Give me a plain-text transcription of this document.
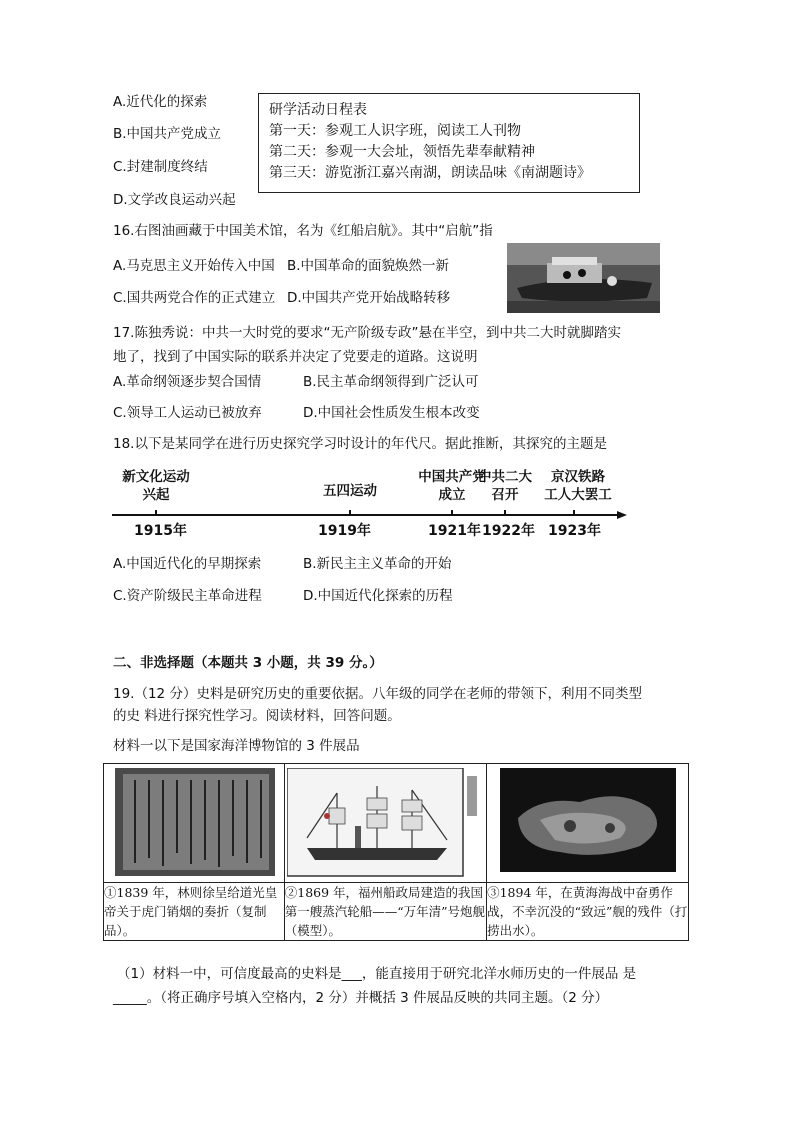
A.近代化的探索
B.中国共产党成立
C.封建制度终结
D.文学改良运动兴起
研学活动日程表
第一天：参观工人识字班，阅读工人刊物
第二天：参观一大会址，领悟先辈奉献精神
第三天：游览浙江嘉兴南湖，朗读品味《南湖题诗》
16.右图油画藏于中国美术馆，名为《红船启航》。其中“启航”指
A.马克思主义开始传入中国 B.中国革命的面貌焕然一新
C.国共两党合作的正式建立 D.中国共产党开始战略转移
17.陈独秀说：中共一大时党的要求“无产阶级专政”悬在半空，到中共二大时就脚踏实
地了，找到了中国实际的联系并决定了党要走的道路。这说明
A.革命纲领逐步契合国情	B.民主革命纲领得到广泛认可
C.领导工人运动已被放弃	D.中国社会性质发生根本改变
18.以下是某同学在进行历史探究学习时设计的年代尺。据此推断，其探究的主题是
新文化运动
兴起	五四运动
中国共产党
成立
中共二大
召开
京汉铁路
工人大罢工
1915年	1919年	1921年 1922年 1923年
A.中国近代化的早期探索	B.新民主主义革命的开始
C.资产阶级民主革命进程	D.中国近代化探索的历程
二、非选择题（本题共 3 小题，共 39 分。）
19.（12 分）史料是研究历史的重要依据。八年级的同学在老师的带领下，利用不同类型
的史 料进行探究性学习。阅读材料，回答问题。
材料一以下是国家海洋博物馆的 3 件展品

①1839 年，林则徐呈给道光皇帝关于虎门销烟的奏折（复制品）。	②1869 年，福州船政局建造的我国第一艘蒸汽轮船——“万年清”号炮舰（模型）。	③1894 年，在黄海海战中奋勇作战，不幸沉没的“致远”舰的残件（打捞出水）。
（1）材料一中，可信度最高的史料是___，能直接用于研究北洋水师历史的一件展品 是
_____。（将正确序号填入空格内，2 分）并概括 3 件展品反映的共同主题。（2 分）
